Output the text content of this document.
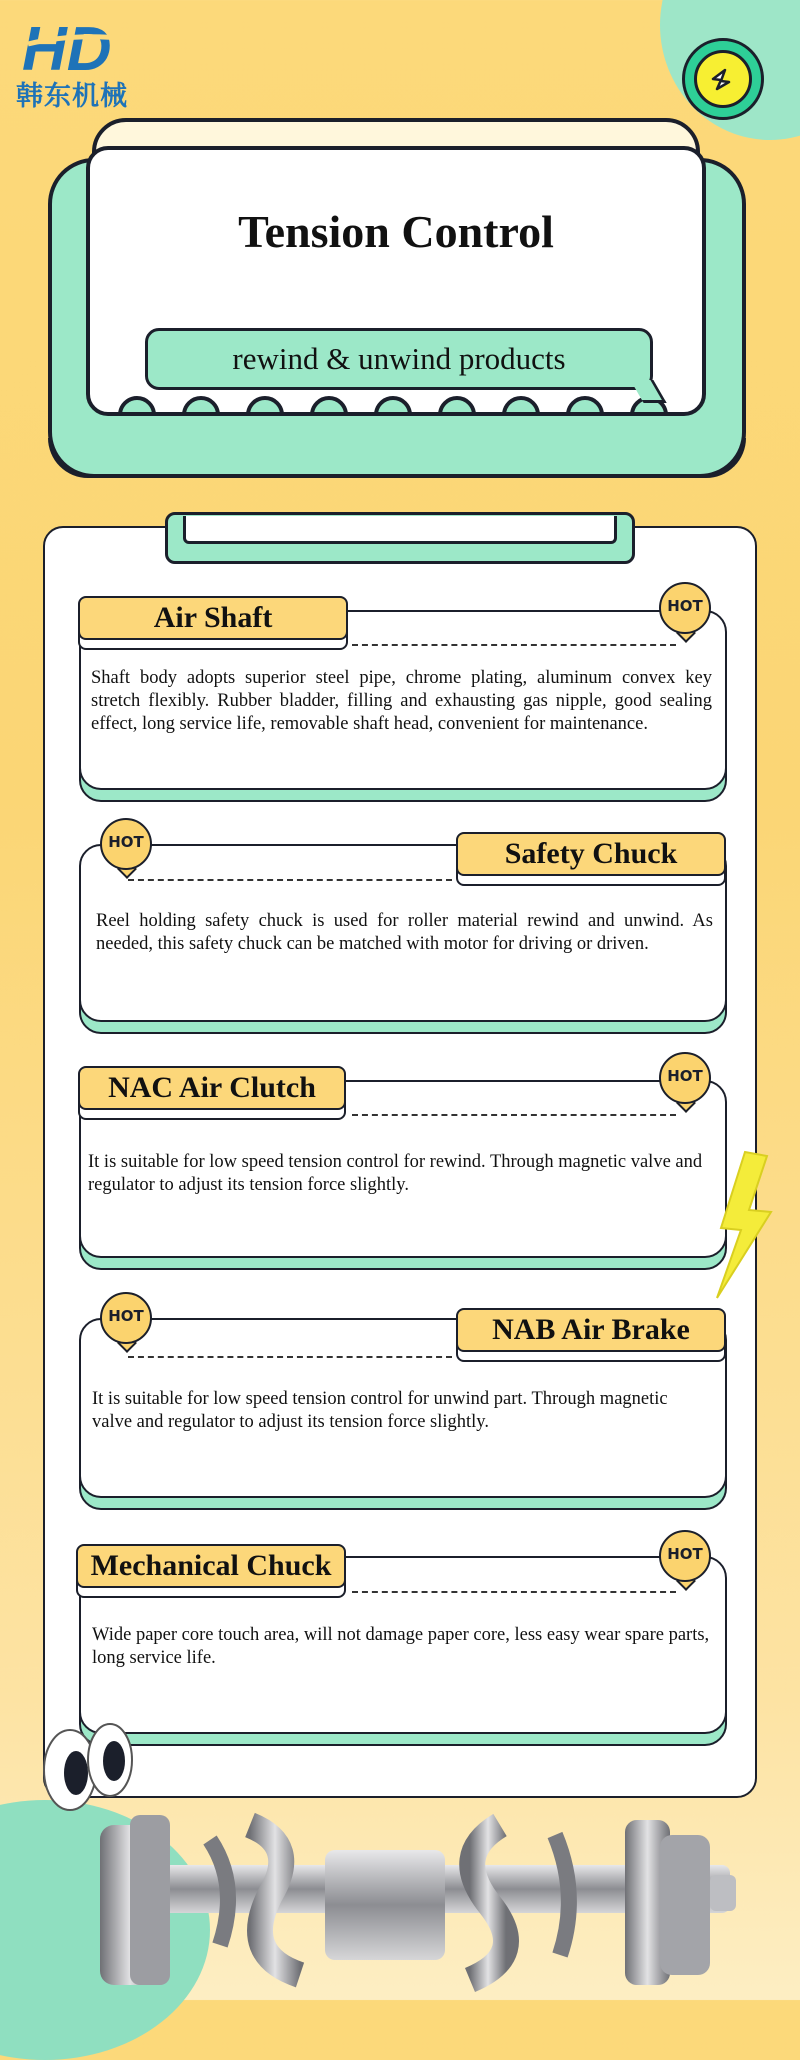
HD
韩东机械
Tension Control
rewind & unwind products
Air Shaft	HOT
Shaft body adopts superior steel pipe, chrome plating, aluminum convex key stretch flexibly. Rubber bladder, filling and exhausting gas nipple, good sealing effect, long service life, removable shaft head, convenient for maintenance.
Safety Chuck
HOT
Reel holding safety chuck is used for roller material rewind and unwind. As needed, this safety chuck can be matched with motor for driving or driven.
NAC Air Clutch	HOT
It is suitable for low speed tension control for rewind. Through magnetic valve and regulator to adjust its tension force slightly.
NAB Air Brake
HOT
It is suitable for low speed tension control for unwind part. Through magnetic valve and regulator to adjust its tension force slightly.
Mechanical Chuck	HOT
Wide paper core touch area, will not damage paper core, less easy wear spare parts, long service life.
